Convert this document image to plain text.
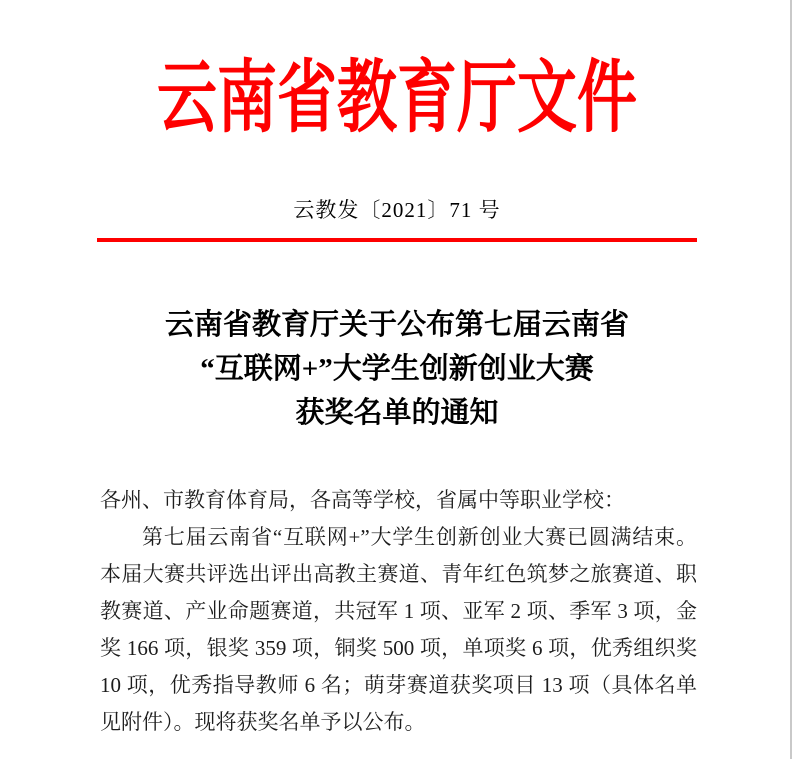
云南省教育厅文件
云教发〔2021〕71 号
云南省教育厅关于公布第七届云南省
“互联网+”大学生创新创业大赛
获奖名单的通知
各州、市教育体育局，各高等学校，省属中等职业学校：
第七届云南省“互联网+”大学生创新创业大赛已圆满结束。
本届大赛共评选出评出高教主赛道、青年红色筑梦之旅赛道、职
教赛道、产业命题赛道，共冠军 1 项、亚军 2 项、季军 3 项，金
奖 166 项，银奖 359 项，铜奖 500 项，单项奖 6 项，优秀组织奖
10 项，优秀指导教师 6 名；萌芽赛道获奖项目 13 项（具体名单
见附件）。现将获奖名单予以公布。
